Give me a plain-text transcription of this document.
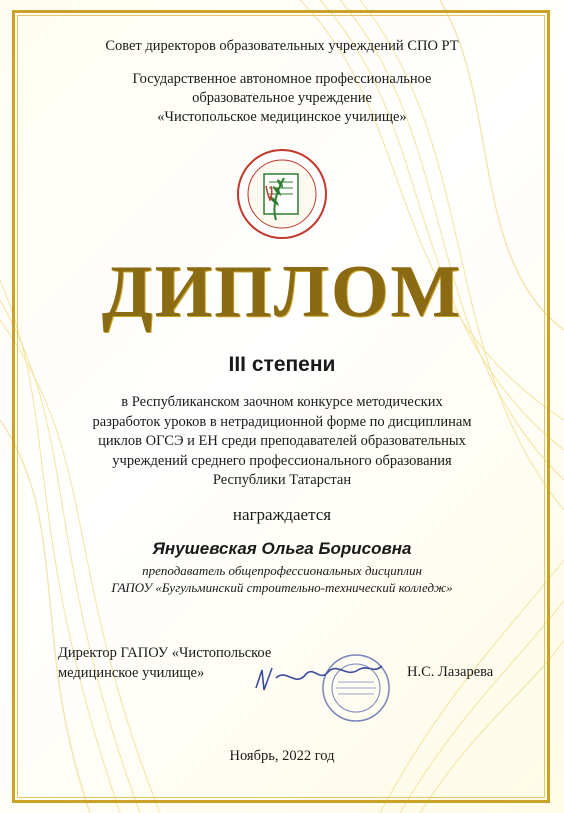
Совет директоров образовательных учреждений СПО РТ
Государственное автономное профессиональное
образовательное учреждение
«Чистопольское медицинское училище»
ДИПЛОМ
III степени
в Республиканском заочном конкурсе методических
разработок уроков в нетрадиционной форме по дисциплинам
циклов ОГСЭ и ЕН среди преподавателей образовательных
учреждений среднего профессионального образования
Республики Татарстан
награждается
Янушевская Ольга Борисовна
преподаватель общепрофессиональных дисциплин
ГАПОУ «Бугульминский строительно-технический колледж»
Директор ГАПОУ «Чистопольское
медицинское училище»	Н.С. Лазарева
Ноябрь, 2022 год
